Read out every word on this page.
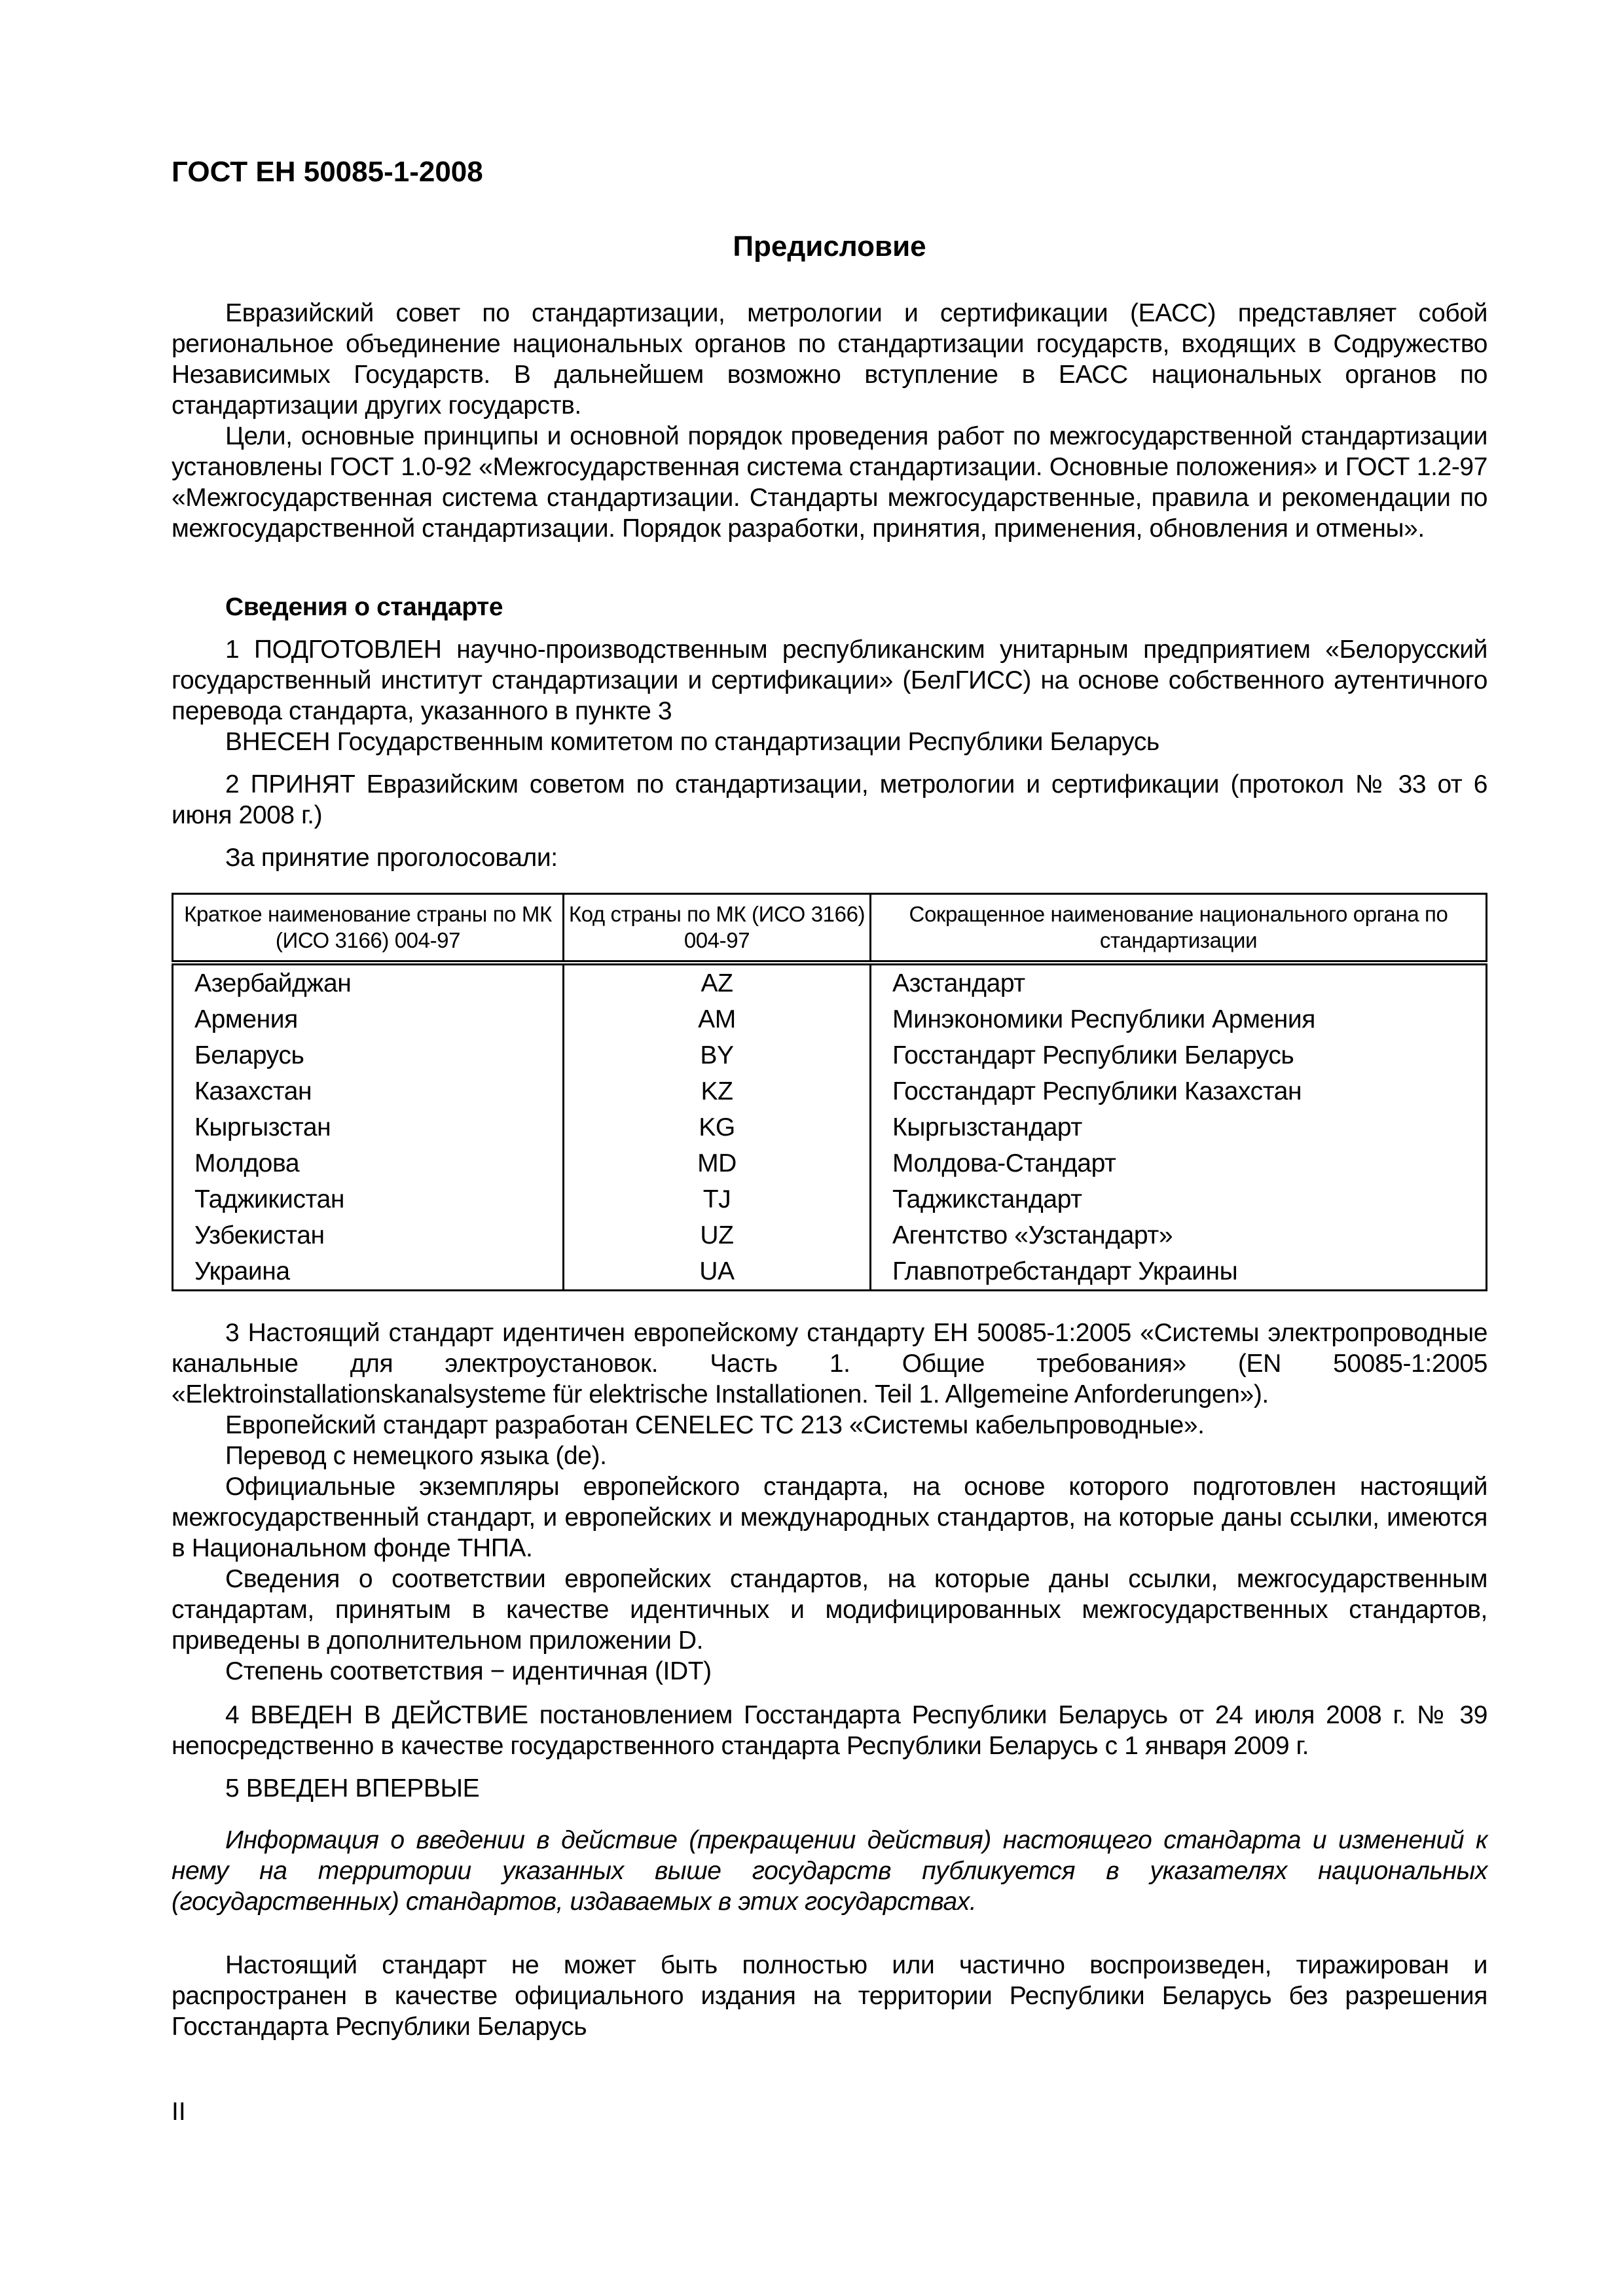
ГОСТ ЕН 50085-1-2008
Предисловие

Евразийский совет по стандартизации, метрологии и сертификации (ЕАСС) представляет собой региональное объединение национальных органов по стандартизации государств, входящих в Содружество Независимых Государств. В дальнейшем возможно вступление в ЕАСС национальных органов по стандартизации других государств.

Цели, основные принципы и основной порядок проведения работ по межгосударственной стандартизации установлены ГОСТ 1.0-92 «Межгосударственная система стандартизации. Основные положения» и ГОСТ 1.2-97 «Межгосударственная система стандартизации. Стандарты межгосударственные, правила и рекомендации по межгосударственной стандартизации. Порядок разработки, принятия, применения, обновления и отмены».

Сведения о стандарте

1 ПОДГОТОВЛЕН научно-производственным республиканским унитарным предприятием «Белорусский государственный институт стандартизации и сертификации» (БелГИСС) на основе собственного аутентичного перевода стандарта, указанного в пункте 3

ВНЕСЕН Государственным комитетом по стандартизации Республики Беларусь

2 ПРИНЯТ Евразийским советом по стандартизации, метрологии и сертификации (протокол № 33 от 6 июня 2008 г.)

За принятие проголосовали:

Краткое наименование страны по МК (ИСО 3166) 004-97	Код страны по МК (ИСО 3166) 004-97	Сокращенное наименование национального органа по стандартизации
Азербайджан	AZ	Азстандарт
Армения	AM	Минэкономики Республики Армения
Беларусь	BY	Госстандарт Республики Беларусь
Казахстан	KZ	Госстандарт Республики Казахстан
Кыргызстан	KG	Кыргызстандарт
Молдова	MD	Молдова-Стандарт
Таджикистан	TJ	Таджикстандарт
Узбекистан	UZ	Агентство «Узстандарт»
Украина	UA	Главпотребстандарт Украины

3 Настоящий стандарт идентичен европейскому стандарту ЕН 50085-1:2005 «Системы электропроводные канальные для электроустановок. Часть 1. Общие требования» (EN 50085-1:2005 «Elektroinstallationskanalsysteme für elektrische Installationen. Teil 1. Allgemeine Anforderungen»).

Европейский стандарт разработан CENELEC TC 213 «Системы кабельпроводные».

Перевод с немецкого языка (de).

Официальные экземпляры европейского стандарта, на основе которого подготовлен настоящий межгосударственный стандарт, и европейских и международных стандартов, на которые даны ссылки, имеются в Национальном фонде ТНПА.

Сведения о соответствии европейских стандартов, на которые даны ссылки, межгосударственным стандартам, принятым в качестве идентичных и модифицированных межгосударственных стандартов, приведены в дополнительном приложении D.

Степень соответствия − идентичная (IDT)

4 ВВЕДЕН В ДЕЙСТВИЕ постановлением Госстандарта Республики Беларусь от 24 июля 2008 г. № 39 непосредственно в качестве государственного стандарта Республики Беларусь с 1 января 2009 г.

5 ВВЕДЕН ВПЕРВЫЕ

Информация о введении в действие (прекращении действия) настоящего стандарта и изменений к нему на территории указанных выше государств публикуется в указателях национальных (государственных) стандартов, издаваемых в этих государствах.

Настоящий стандарт не может быть полностью или частично воспроизведен, тиражирован и распространен в качестве официального издания на территории Республики Беларусь без разрешения Госстандарта Республики Беларусь

II
